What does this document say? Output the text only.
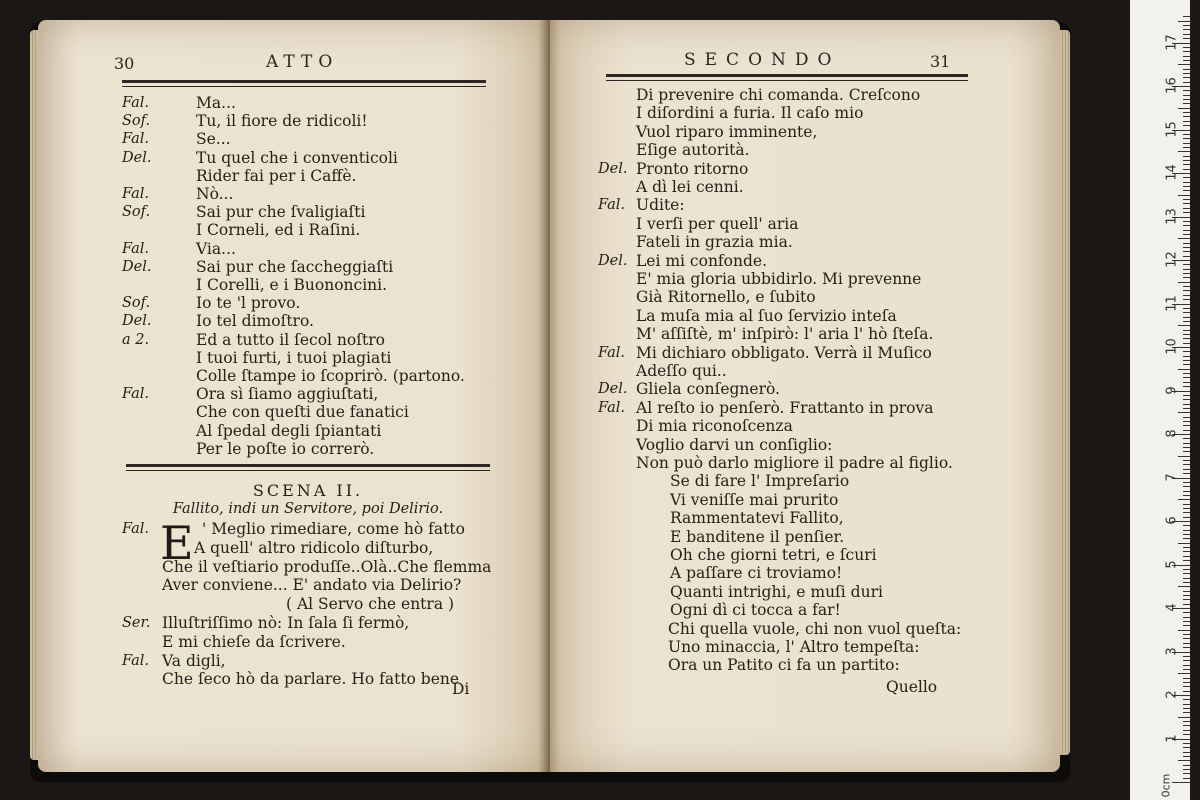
30	ATTO
Fal.	Ma...
Sof.	Tu, il fiore de ridicoli!
Fal.	Se...
Del.	Tu quel che i conventicoli
Rider fai per i Caffè.
Fal.	Nò...
Sof.	Sai pur che ſvaligiaſti
I Corneli, ed i Raſini.
Fal.	Via...
Del.	Sai pur che ſaccheggiaſti
I Corelli, e i Buononcini.
Sof.	Io te 'l provo.
Del.	Io tel dimoſtro.
a 2.	Ed a tutto il ſecol noſtro
I tuoi furti, i tuoi plagiati
Colle ſtampe io ſcoprirò. (partono.
Fal.	Ora sì ſiamo aggiuſtati,
Che con queſti due fanatici
Al ſpedal degli ſpiantati
Per le poſte io correrò.
SCENA II.
Fallito, indi un Servitore, poi Delirio.
E
Fal.	' Meglio rimediare, come hò fatto
A quell' altro ridicolo diſturbo,
Che il veſtiario produſſe..Olà..Che flemma
Aver conviene... E' andato via Delirio?
( Al Servo che entra )
Ser. Illuſtriſſimo nò: In ſala ſi fermò,
E mi chieſe da ſcrivere.
Fal. Va digli,
Che ſeco hò da parlare. Ho fatto bene
Di
SECONDO	31
Di prevenire chi comanda. Creſcono
I diſordini a furia. Il caſo mio
Vuol riparo imminente,
Eſige autorità.
Del. Pronto ritorno
A dì lei cenni.
Fal. Udite:
I verſi per quell' aria
Fateli in grazia mia.
Del. Lei mi confonde.
E' mia gloria ubbidirlo. Mi prevenne
Già Ritornello, e ſubito
La muſa mia al ſuo ſervizio inteſa
M' aſſiſtè, m' inſpirò: l' aria l' hò ſteſa.
Fal. Mi dichiaro obbligato. Verrà il Muſico
Adeſſo qui..
Del. Gliela conſegnerò.
Fal. Al reſto io penſerò. Frattanto in prova
Di mia riconoſcenza
Voglio darvi un conſiglio:
Non può darlo migliore il padre al figlio.
Se di fare l' Impreſario
Vi veniſſe mai prurito
Rammentatevi Fallito,
E banditene il penſier.
Oh che giorni tetri, e ſcuri
A paſſare ci troviamo!
Quanti intrighi, e muſi duri
Ogni dì ci tocca a far!
Chi quella vuole, chi non vuol queſta:
Uno minaccia, l' Altro tempeſta:
Ora un Patito ci fa un partito:
Quello
0cm
1
2
3
4
5
6
7
8
9
10
11
12
13
14
15
16
17
